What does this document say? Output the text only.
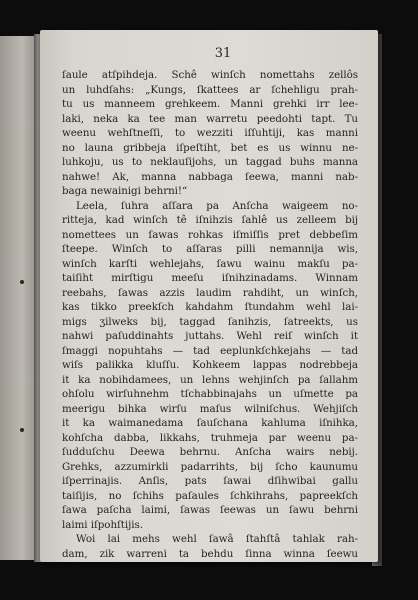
31
ſaule atſpihdeja. Schê winſch nomettahs zellôs
un luhdſahs: „Kungs, ſkattees ar ſchehligu prah-
tu us manneem grehkeem. Manni grehki irr lee-
laki, neka ka tee man warretu peedohti tapt. Tu
weenu wehſtneſſi, to wezziti iſſuhtiji, kas manni
no launa gribbeja iſpeſtiht, bet es us winnu ne-
luhkoju, us to neklauſijohs, un taggad buhs manna
nahwe! Ak, manna nabbaga ſeewa, manni nab-
baga newainigi behrni!“
Leela, ſuhra aſſara pa Anſcha waigeem no-
ritteja, kad winſch tê iſnihzis ſahlê us zelleem bij
nomettees un ſawas rohkas iſmiſſis pret debbeſim
ſteepe. Winſch to aſſaras pilli nemannija wis,
winſch karſti wehlejahs, ſawu wainu makſu pa-
taiſiht mirſtigu meeſu iſnihzinadams. Winnam
reebahs, ſawas azzis laudim rahdiht, un winſch,
kas tikko preekſch kahdahm ſtundahm wehl lai-
migs ʒilweks bij, taggad ſanihzis, ſatreekts, us
nahwi paſuddinahts juttahs. Wehl reiſ winſch it
ſmaggi nopuhtahs — tad eeplunkſchkejahs — tad
wiſs palikka kluſſu. Kohkeem lappas nodrebbeja
it ka nobihdamees, un lehns wehjinſch pa ſallahm
ohſolu wirſuhnehm tſchabbinajahs un uſmette pa
meerigu bihka wirſu maſus wilniſchus. Wehjiſch
it ka waimanedama ſauſchana kahluma iſnihka,
kohſcha dabba, likkahs, truhmeja par weenu pa-
ſudduſchu Deewa behrnu. Anſcha wairs nebij.
Grehks, azzumirkli padarrihts, bij ſcho kaunumu
iſperrinajis. Anſis, pats ſawai dſihwibai gallu
taiſijis, no ſchihs paſaules ſchkihrahs, papreekſch
ſawa paſcha laimi, ſawas ſeewas un ſawu behrni
laimi iſpohſtijis.
Woi lai mehs wehl ſawâ ſtahſtâ tahlak rah-
dam, zik warreni ta behdu ſinna winna ſeewu
